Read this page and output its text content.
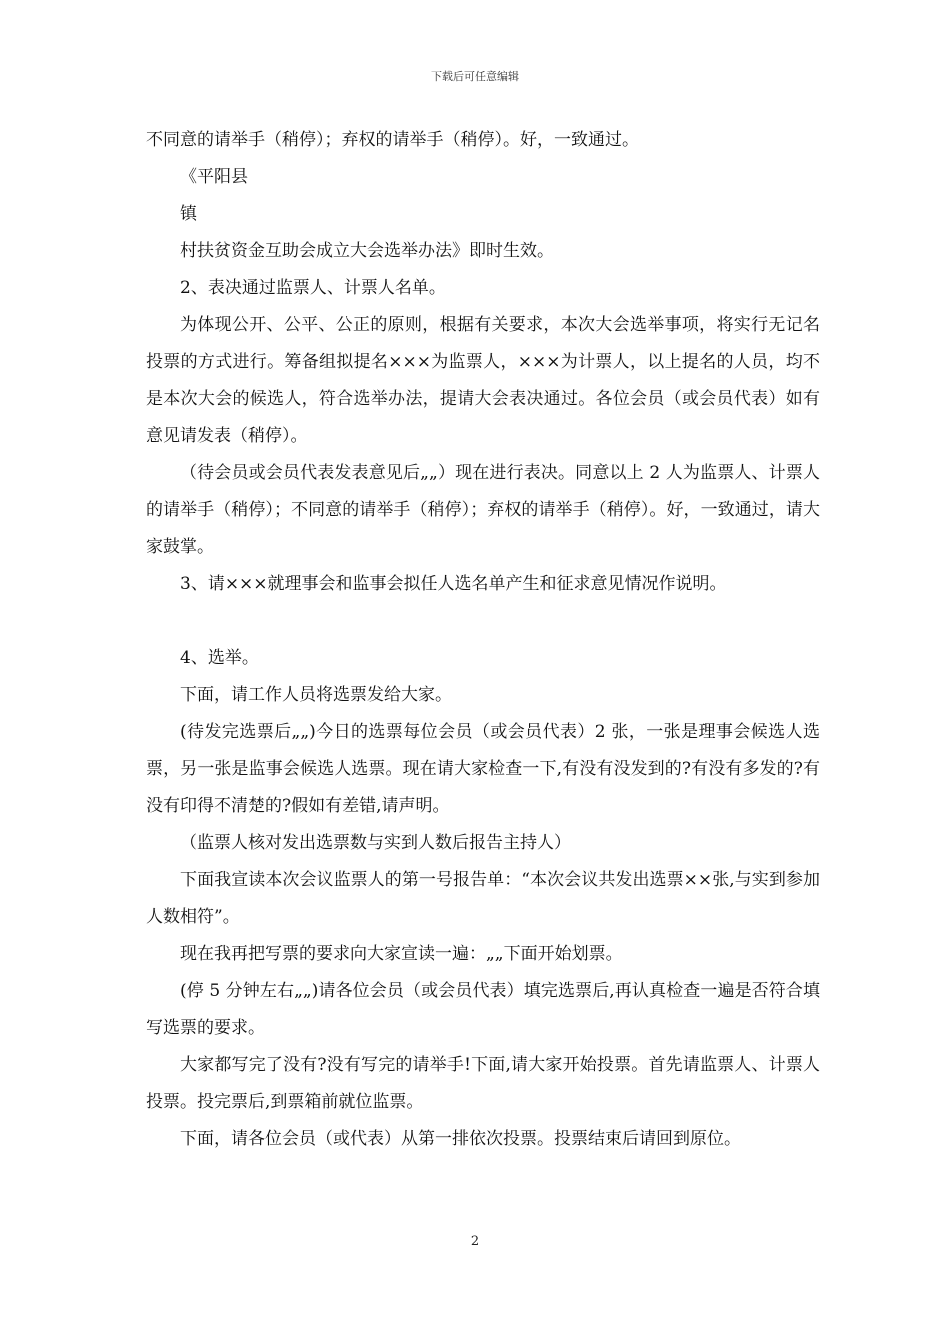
下载后可任意编辑

不同意的请举手（稍停）；弃权的请举手（稍停）。好，一致通过。

《平阳县

镇

村扶贫资金互助会成立大会选举办法》即时生效。

2、表决通过监票人、计票人名单。

为体现公开、公平、公正的原则，根据有关要求，本次大会选举事项，将实行无记名投票的方式进行。筹备组拟提名×××为监票人，×××为计票人，以上提名的人员，均不是本次大会的候选人，符合选举办法，提请大会表决通过。各位会员（或会员代表）如有意见请发表（稍停）。

（待会员或会员代表发表意见后„„）现在进行表决。同意以上 2 人为监票人、计票人的请举手（稍停）；不同意的请举手（稍停）；弃权的请举手（稍停）。好，一致通过，请大家鼓掌。

3、请×××就理事会和监事会拟任人选名单产生和征求意见情况作说明。

4、选举。

下面，请工作人员将选票发给大家。

(待发完选票后„„)今日的选票每位会员（或会员代表）2 张，一张是理事会候选人选票，另一张是监事会候选人选票。现在请大家检查一下,有没有没发到的?有没有多发的?有没有印得不清楚的?假如有差错,请声明。

（监票人核对发出选票数与实到人数后报告主持人）

下面我宣读本次会议监票人的第一号报告单：“本次会议共发出选票××张,与实到参加人数相符”。

现在我再把写票的要求向大家宣读一遍：„„下面开始划票。

(停 5 分钟左右„„)请各位会员（或会员代表）填完选票后,再认真检查一遍是否符合填写选票的要求。

大家都写完了没有?没有写完的请举手!下面,请大家开始投票。首先请监票人、计票人投票。投完票后,到票箱前就位监票。

下面，请各位会员（或代表）从第一排依次投票。投票结束后请回到原位。

2
